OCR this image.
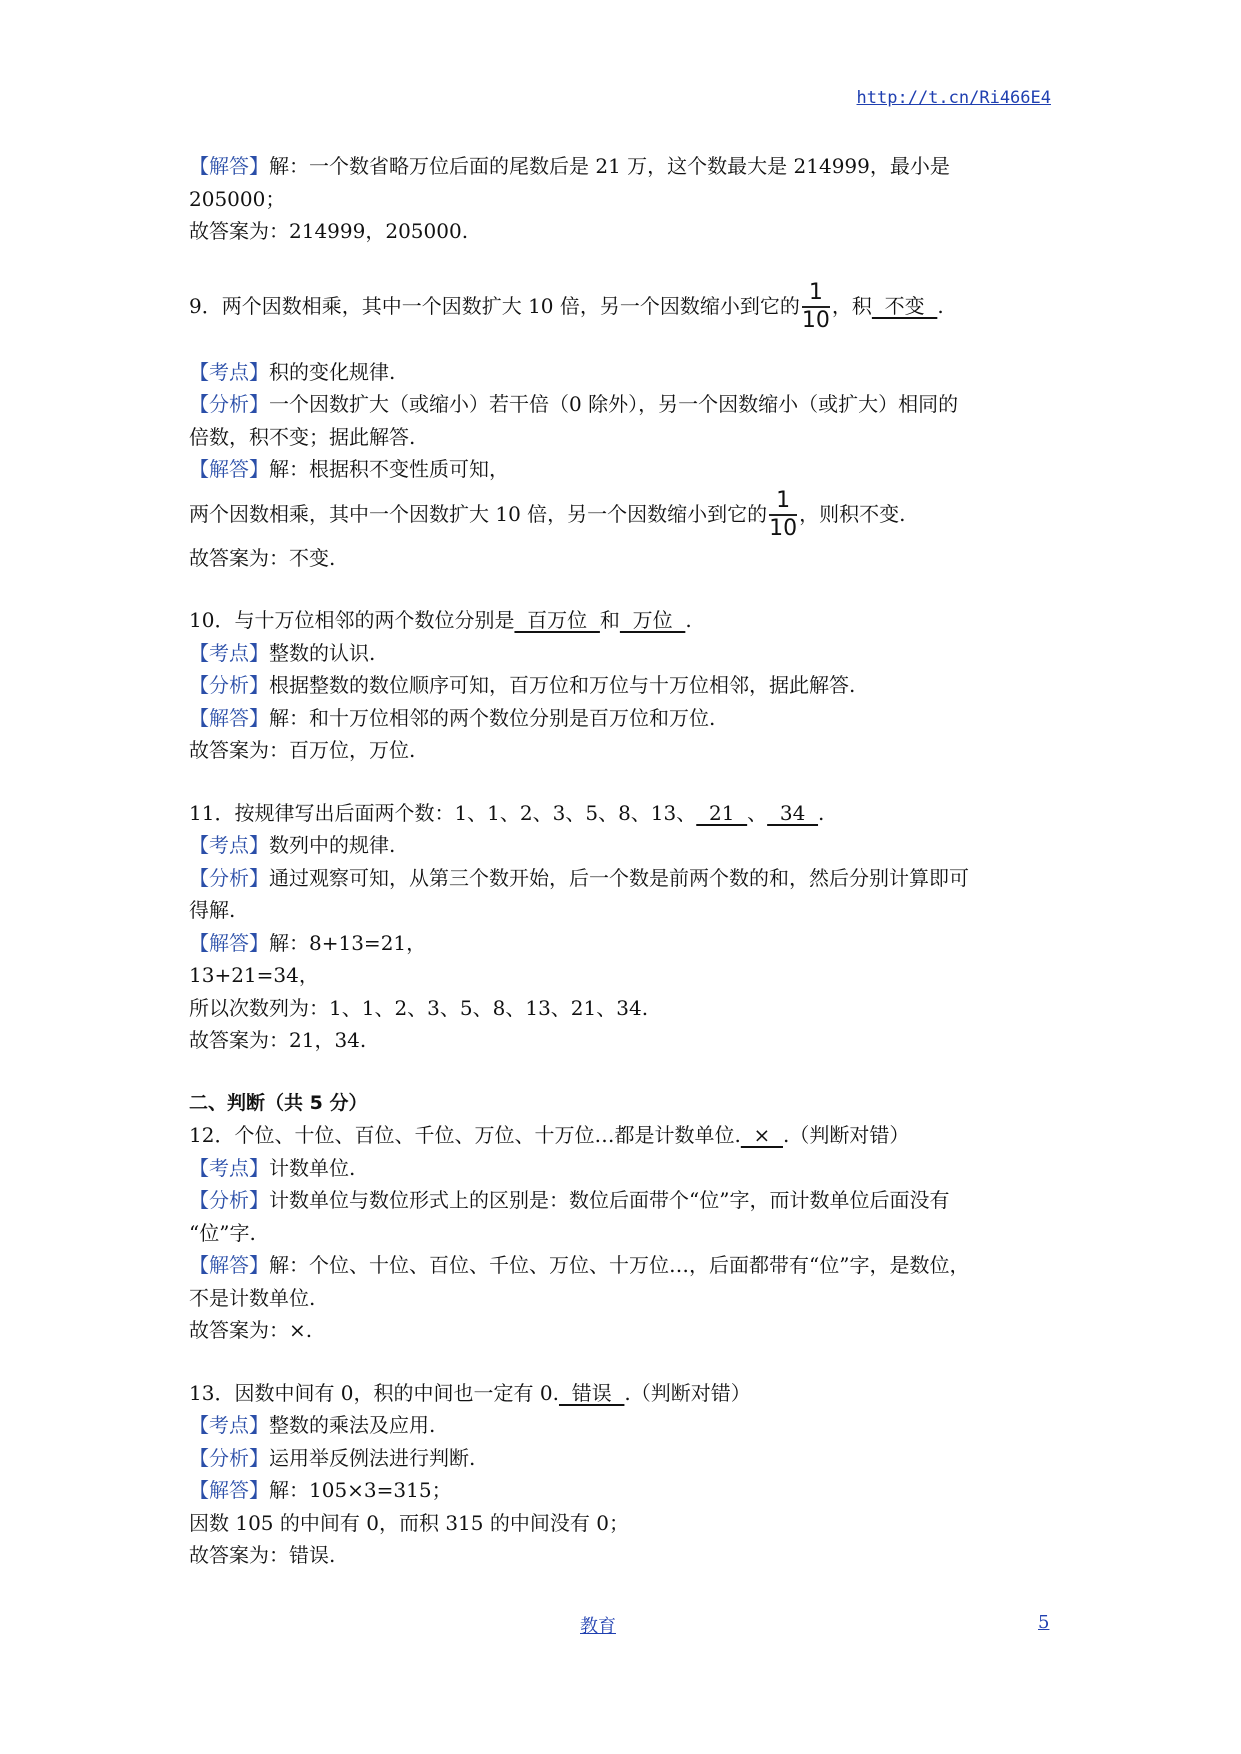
http://t.cn/Ri466E4
【解答】解：一个数省略万位后面的尾数后是 21 万，这个数最大是 214999，最小是
205000；
故答案为：214999，205000.
9．两个因数相乘，其中一个因数扩大 10 倍，另一个因数缩小到它的 $\frac{1}{10}$ ，积  不变  .
【考点】积的变化规律.
【分析】一个因数扩大（或缩小）若干倍（0 除外），另一个因数缩小（或扩大）相同的
倍数，积不变；据此解答.
【解答】解：根据积不变性质可知，
两个因数相乘，其中一个因数扩大 10 倍，另一个因数缩小到它的 $\frac{1}{10}$ ，则积不变.
故答案为：不变.
10．与十万位相邻的两个数位分别是  百万位  和  万位  .
【考点】整数的认识.
【分析】根据整数的数位顺序可知，百万位和万位与十万位相邻，据此解答.
【解答】解：和十万位相邻的两个数位分别是百万位和万位.
故答案为：百万位，万位.
11．按规律写出后面两个数：1、1、2、3、5、8、13、  21  、  34  .
【考点】数列中的规律.
【分析】通过观察可知，从第三个数开始，后一个数是前两个数的和，然后分别计算即可
得解.
【解答】解：8+13=21，
13+21=34，
所以次数列为：1、1、2、3、5、8、13、21、34.
故答案为：21，34.
二、判断（共 5 分）
12．个位、十位、百位、千位、万位、十万位…都是计数单位.  ×  .（判断对错）
【考点】计数单位.
【分析】计数单位与数位形式上的区别是：数位后面带个“位”字，而计数单位后面没有
“位”字.
【解答】解：个位、十位、百位、千位、万位、十万位…，后面都带有“位”字，是数位，
不是计数单位.
故答案为：×.
13．因数中间有 0，积的中间也一定有 0.  错误  .（判断对错）
【考点】整数的乘法及应用.
【分析】运用举反例法进行判断.
【解答】解：105×3=315；
因数 105 的中间有 0，而积 315 的中间没有 0；
故答案为：错误.
教育	5
